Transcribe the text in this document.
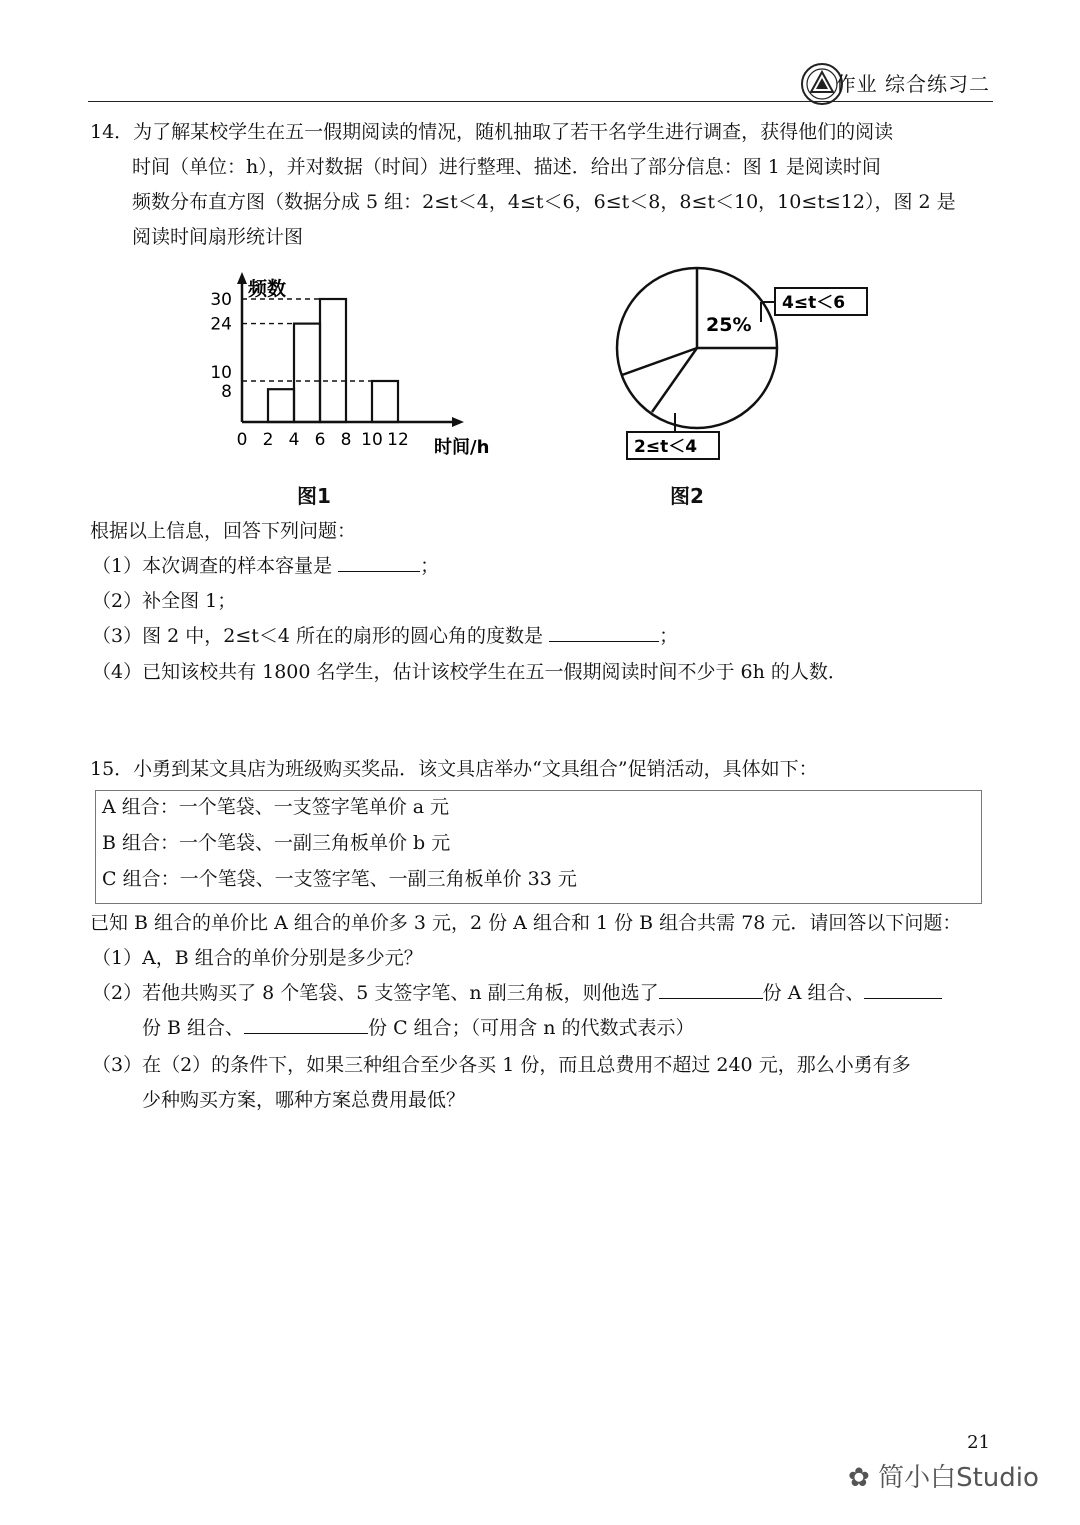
作业 综合练习二
14．为了解某校学生在五一假期阅读的情况，随机抽取了若干名学生进行调查，获得他们的阅读
时间（单位：h），并对数据（时间）进行整理、描述．给出了部分信息：图 1 是阅读时间
频数分布直方图（数据分成 5 组：2≤t＜4，4≤t＜6，6≤t＜8，8≤t＜10，10≤t≤12），图 2 是
阅读时间扇形统计图
频数
时间/h
0 2 4 6 8 10 12
8
10
24
30
图1
25%
4≤t＜6
2≤t＜4
图2
根据以上信息，回答下列问题：
（1）本次调查的样本容量是	；
（2）补全图 1；
（3）图 2 中，2≤t＜4 所在的扇形的圆心角的度数是	；
（4）已知该校共有 1800 名学生，估计该校学生在五一假期阅读时间不少于 6h 的人数．
15．小勇到某文具店为班级购买奖品．该文具店举办“文具组合”促销活动，具体如下：
A 组合：一个笔袋、一支签字笔单价 a 元
B 组合：一个笔袋、一副三角板单价 b 元
C 组合：一个笔袋、一支签字笔、一副三角板单价 33 元
已知 B 组合的单价比 A 组合的单价多 3 元，2 份 A 组合和 1 份 B 组合共需 78 元．请回答以下问题：
（1）A，B 组合的单价分别是多少元？
（2）若他共购买了 8 个笔袋、5 支签字笔、n 副三角板，则他选了	份 A 组合、
份 B 组合、	份 C 组合；（可用含 n 的代数式表示）
（3）在（2）的条件下，如果三种组合至少各买 1 份，而且总费用不超过 240 元，那么小勇有多
少种购买方案，哪种方案总费用最低？
21
✿ 简小白Studio
